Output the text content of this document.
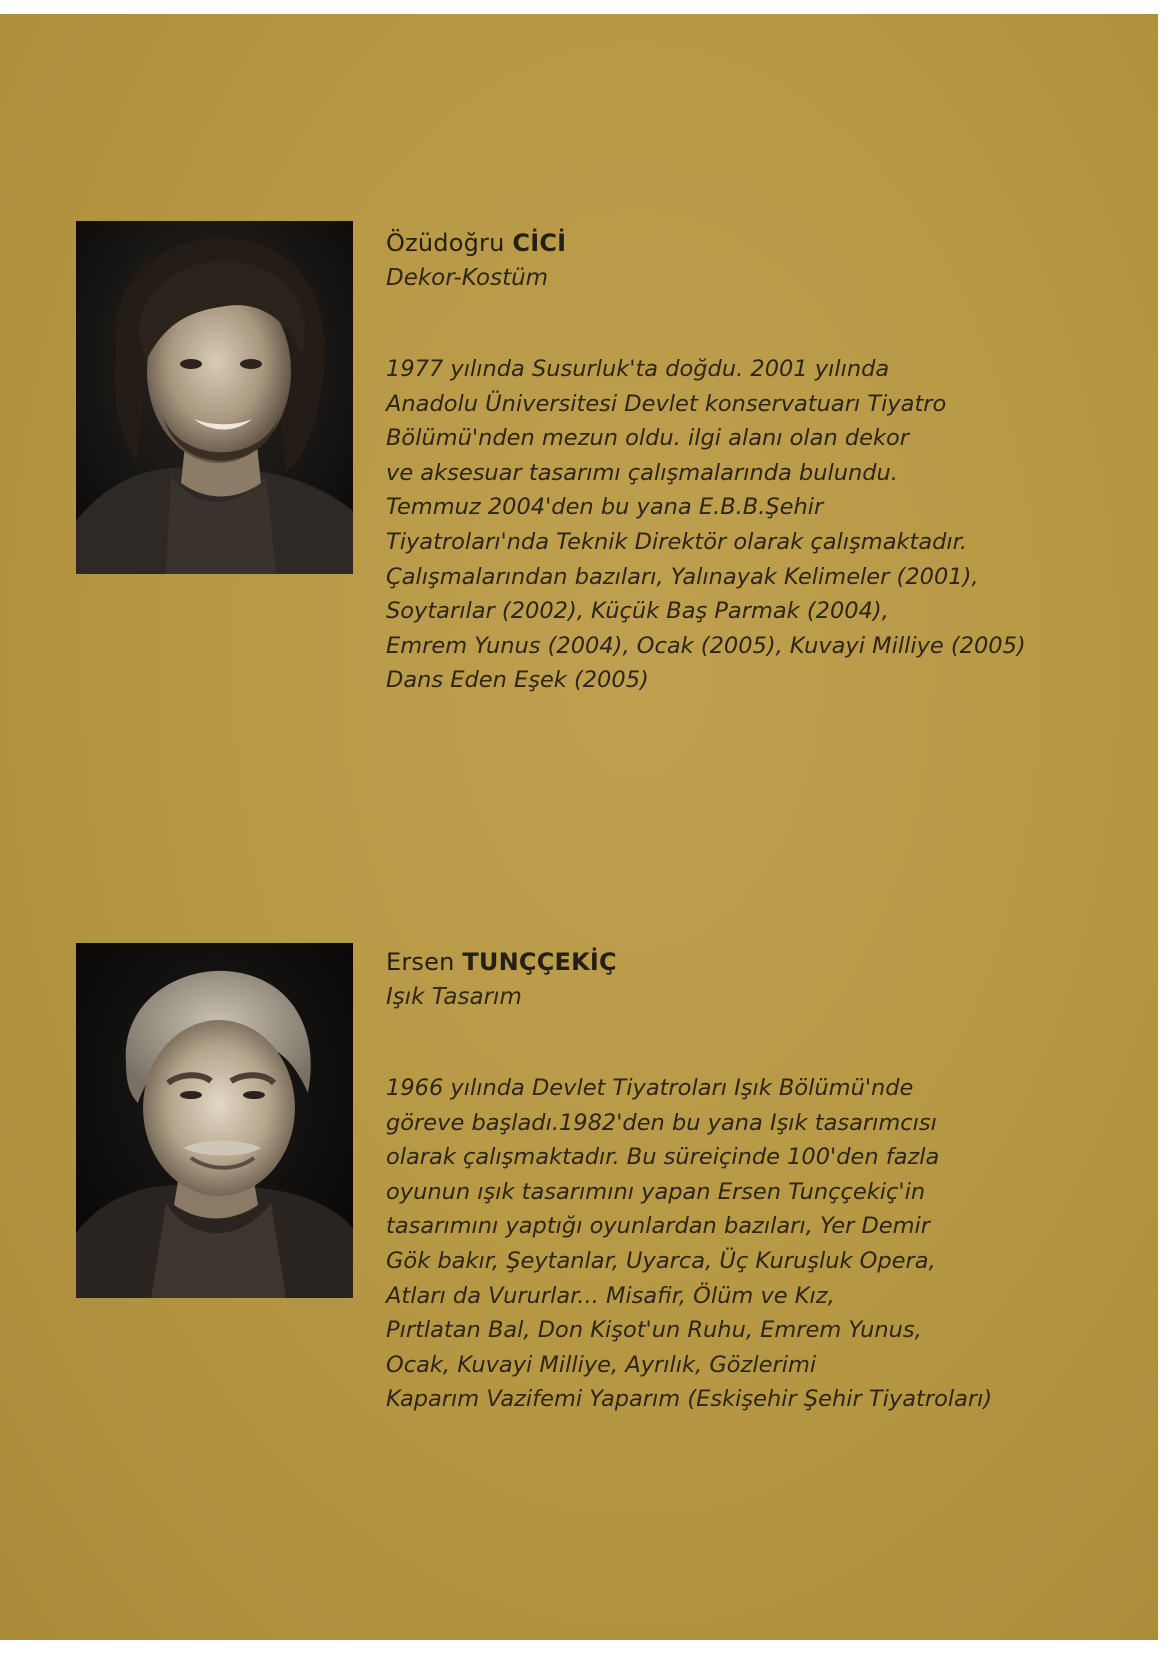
Özüdoğru CİCİ

Dekor-Kostüm

1977 yılında Susurluk'ta doğdu. 2001 yılında
Anadolu Üniversitesi Devlet konservatuarı Tiyatro
Bölümü'nden mezun oldu. ilgi alanı olan dekor
ve aksesuar tasarımı çalışmalarında bulundu.
Temmuz 2004'den bu yana E.B.B.Şehir
Tiyatroları'nda Teknik Direktör olarak çalışmaktadır.
Çalışmalarından bazıları, Yalınayak Kelimeler (2001),
Soytarılar (2002), Küçük Baş Parmak (2004),
Emrem Yunus (2004), Ocak (2005), Kuvayi Milliye (2005)
Dans Eden Eşek (2005)
Ersen TUNÇÇEKİÇ

Işık Tasarım

1966 yılında Devlet Tiyatroları Işık Bölümü'nde
göreve başladı.1982'den bu yana Işık tasarımcısı
olarak çalışmaktadır. Bu süreiçinde 100'den fazla
oyunun ışık tasarımını yapan Ersen Tunççekiç'in
tasarımını yaptığı oyunlardan bazıları, Yer Demir
Gök bakır, Şeytanlar, Uyarca, Üç Kuruşluk Opera,
Atları da Vururlar... Misafir, Ölüm ve Kız,
Pırtlatan Bal, Don Kişot'un Ruhu, Emrem Yunus,
Ocak, Kuvayi Milliye, Ayrılık, Gözlerimi
Kaparım Vazifemi Yaparım (Eskişehir Şehir Tiyatroları)
